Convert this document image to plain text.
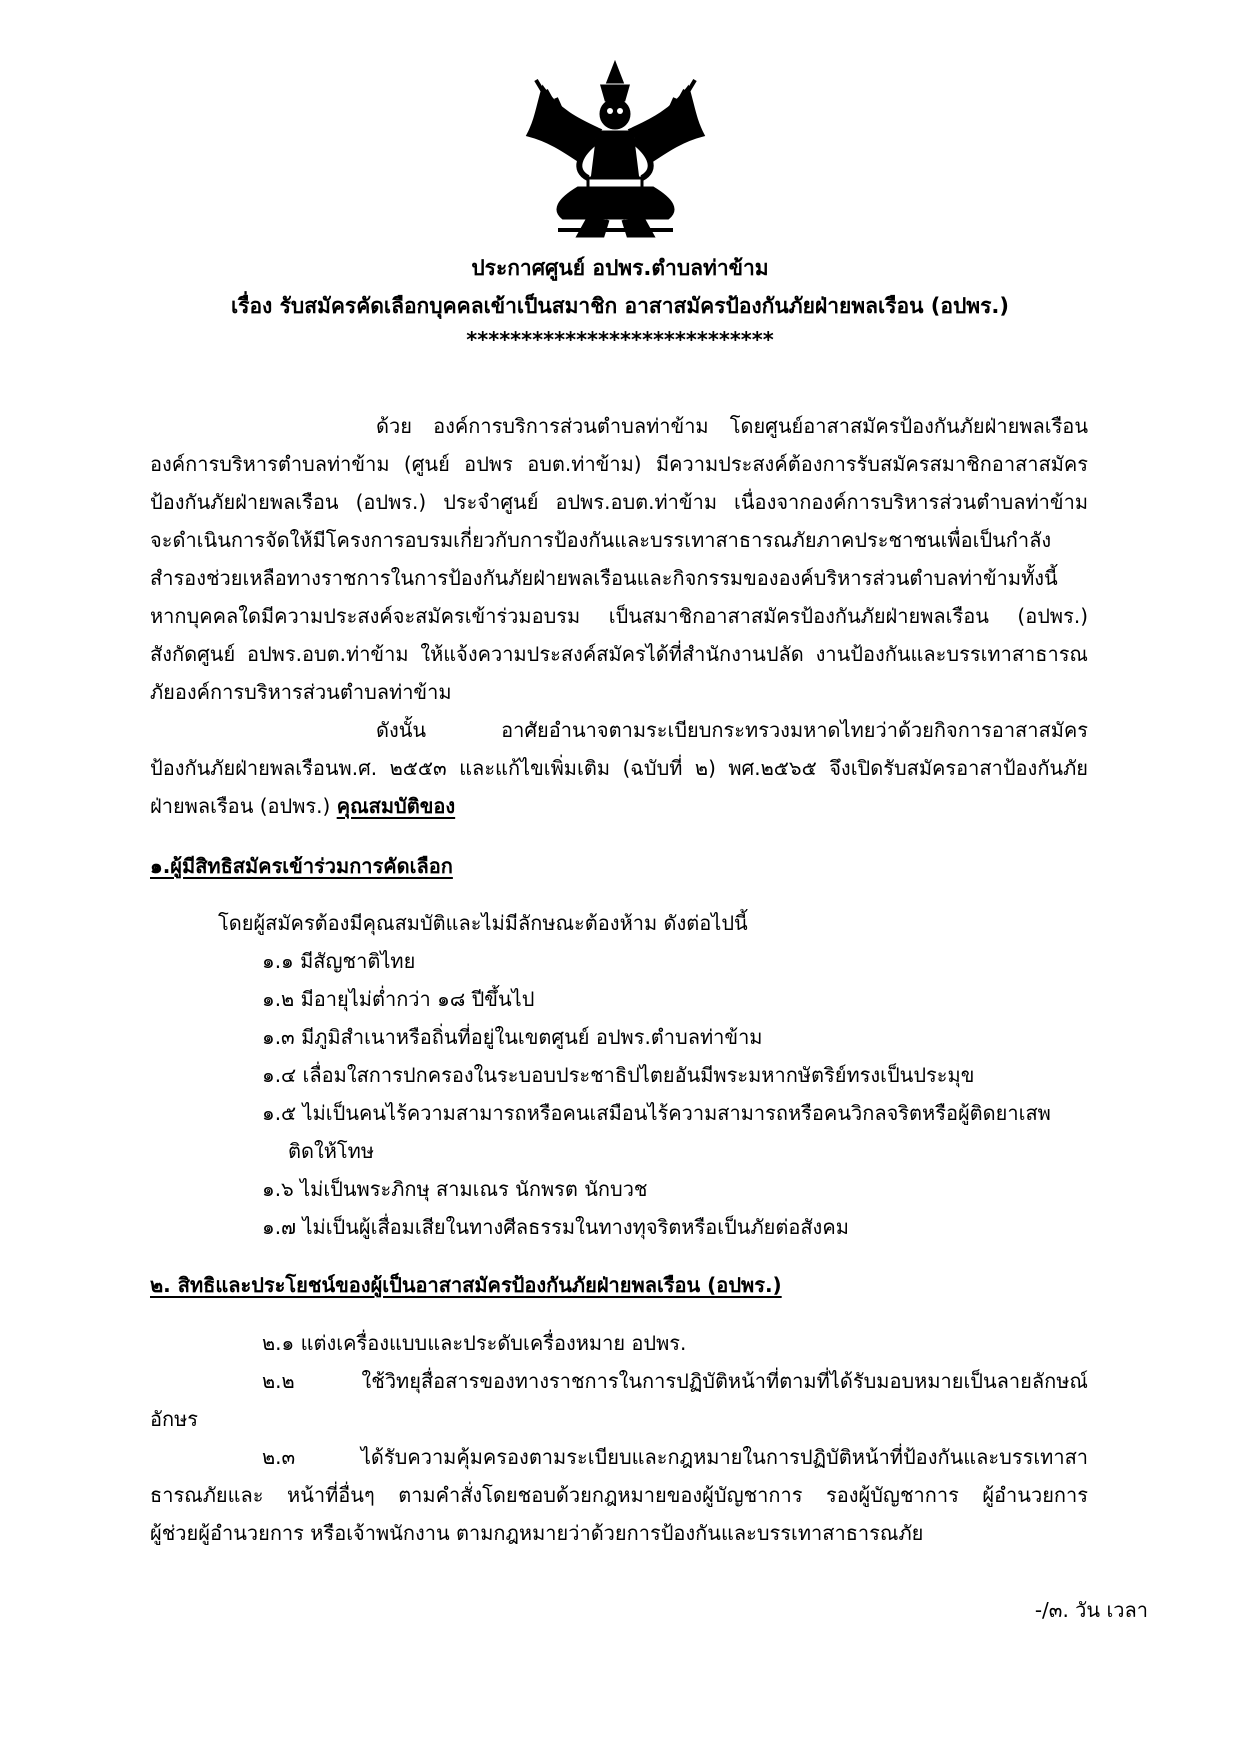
ประกาศศูนย์ อปพร.ตำบลท่าข้าม
เรื่อง รับสมัครคัดเลือกบุคคลเข้าเป็นสมาชิก อาสาสมัครป้องกันภัยฝ่ายพลเรือน (อปพร.)
****************************
ด้วย องค์การบริการส่วนตำบลท่าข้าม โดยศูนย์อาสาสมัครป้องกันภัยฝ่ายพลเรือน
องค์การบริหารตำบลท่าข้าม (ศูนย์ อปพร อบต.ท่าข้าม) มีความประสงค์ต้องการรับสมัครสมาชิกอาสาสมัคร
ป้องกันภัยฝ่ายพลเรือน (อปพร.) ประจำศูนย์ อปพร.อบต.ท่าข้าม เนื่องจากองค์การบริหารส่วนตำบลท่าข้าม
จะดำเนินการจัดให้มีโครงการอบรมเกี่ยวกับการป้องกันและบรรเทาสาธารณภัยภาคประชาชนเพื่อเป็นกำลัง
สำรองช่วยเหลือทางราชการในการป้องกันภัยฝ่ายพลเรือนและกิจกรรมขององค์บริหารส่วนตำบลท่าข้ามทั้งนี้
หากบุคคลใดมีความประสงค์จะสมัครเข้าร่วมอบรม เป็นสมาชิกอาสาสมัครป้องกันภัยฝ่ายพลเรือน (อปพร.)
สังกัดศูนย์ อปพร.อบต.ท่าข้าม ให้แจ้งความประสงค์สมัครได้ที่สำนักงานปลัด งานป้องกันและบรรเทาสาธารณ
ภัยองค์การบริหารส่วนตำบลท่าข้าม
ดังนั้น อาศัยอำนาจตามระเบียบกระทรวงมหาดไทยว่าด้วยกิจการอาสาสมัคร
ป้องกันภัยฝ่ายพลเรือนพ.ศ. ๒๕๕๓ และแก้ไขเพิ่มเติม (ฉบับที่ ๒) พศ.๒๕๖๕ จึงเปิดรับสมัครอาสาป้องกันภัย
ฝ่ายพลเรือน (อปพร.) คุณสมบัติของ
๑.ผู้มีสิทธิสมัครเข้าร่วมการคัดเลือก
โดยผู้สมัครต้องมีคุณสมบัติและไม่มีลักษณะต้องห้าม ดังต่อไปนี้
๑.๑ มีสัญชาติไทย
๑.๒ มีอายุไม่ต่ำกว่า ๑๘ ปีขึ้นไป
๑.๓ มีภูมิสำเนาหรือถิ่นที่อยู่ในเขตศูนย์ อปพร.ตำบลท่าข้าม
๑.๔ เลื่อมใสการปกครองในระบอบประชาธิปไตยอันมีพระมหากษัตริย์ทรงเป็นประมุข
๑.๕ ไม่เป็นคนไร้ความสามารถหรือคนเสมือนไร้ความสามารถหรือคนวิกลจริตหรือผู้ติดยาเสพ
ติดให้โทษ
๑.๖ ไม่เป็นพระภิกษุ สามเณร นักพรต นักบวช
๑.๗ ไม่เป็นผู้เสื่อมเสียในทางศีลธรรมในทางทุจริตหรือเป็นภัยต่อสังคม
๒. สิทธิและประโยชน์ของผู้เป็นอาสาสมัครป้องกันภัยฝ่ายพลเรือน (อปพร.)
๒.๑ แต่งเครื่องแบบและประดับเครื่องหมาย อปพร.
๒.๒ ใช้วิทยุสื่อสารของทางราชการในการปฏิบัติหน้าที่ตามที่ได้รับมอบหมายเป็นลายลักษณ์
อักษร
๒.๓ ได้รับความคุ้มครองตามระเบียบและกฎหมายในการปฏิบัติหน้าที่ป้องกันและบรรเทาสา
ธารณภัยและ หน้าที่อื่นๆ ตามคำสั่งโดยชอบด้วยกฎหมายของผู้บัญชาการ รองผู้บัญชาการ ผู้อำนวยการ
ผู้ช่วยผู้อำนวยการ หรือเจ้าพนักงาน ตามกฎหมายว่าด้วยการป้องกันและบรรเทาสาธารณภัย
-/๓. วัน เวลา
